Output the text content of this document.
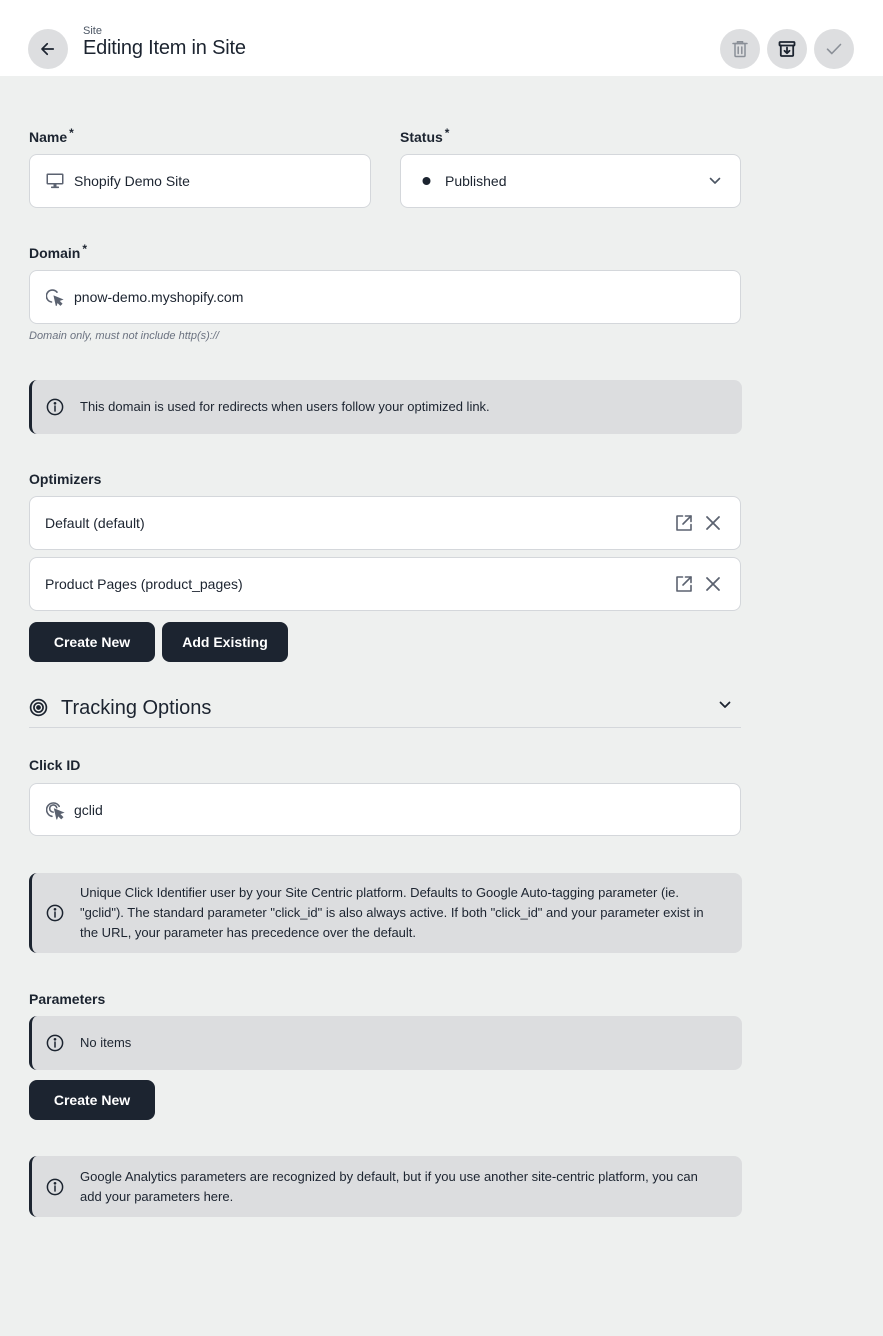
Site
Editing Item in Site
Name *
Shopify Demo Site
Status *
Published
Domain *
pnow-demo.myshopify.com
Domain only, must not include http(s)://
This domain is used for redirects when users follow your optimized link.
Optimizers
Default (default)
Product Pages (product_pages)
Create New	Add Existing
Tracking Options
Click ID
gclid
Unique Click Identifier user by your Site Centric platform. Defaults to Google Auto-tagging parameter (ie. "gclid"). The standard parameter "click_id" is also always active. If both "click_id" and your parameter exist in the URL, your parameter has precedence over the default.
Parameters
No items
Create New
Google Analytics parameters are recognized by default, but if you use another site-centric platform, you can add your parameters here.
